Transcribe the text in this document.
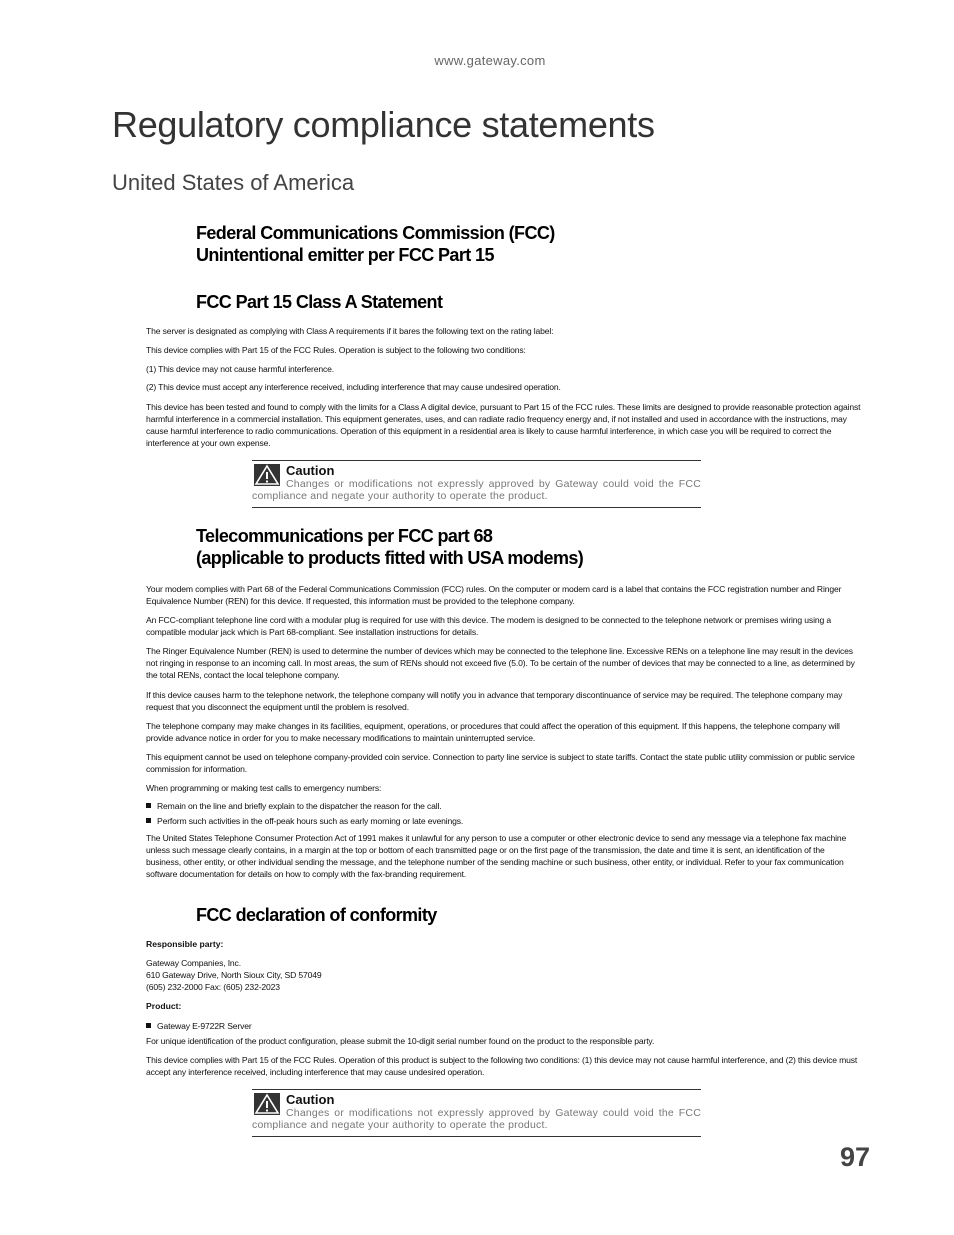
www.gateway.com
Regulatory compliance statements
United States of America
Federal Communications Commission (FCC)
Unintentional emitter per FCC Part 15
FCC Part 15 Class A Statement

The server is designated as complying with Class A requirements if it bares the following text on the rating label:

This device complies with Part 15 of the FCC Rules. Operation is subject to the following two conditions:

(1) This device may not cause harmful interference.

(2) This device must accept any interference received, including interference that may cause undesired operation.

This device has been tested and found to comply with the limits for a Class A digital device, pursuant to Part 15 of the FCC rules. These limits are designed to provide reasonable protection against harmful interference in a commercial installation. This equipment generates, uses, and can radiate radio frequency energy and, if not installed and used in accordance with the instructions, may cause harmful interference to radio communications. Operation of this equipment in a residential area is likely to cause harmful interference, in which case you will be required to correct the interference at your own expense.

Caution
Changes or modifications not expressly approved by Gateway could void the FCC compliance and negate your authority to operate the product.
Telecommunications per FCC part 68
(applicable to products fitted with USA modems)

Your modem complies with Part 68 of the Federal Communications Commission (FCC) rules. On the computer or modem card is a label that contains the FCC registration number and Ringer Equivalence Number (REN) for this device. If requested, this information must be provided to the telephone company.

An FCC-compliant telephone line cord with a modular plug is required for use with this device. The modem is designed to be connected to the telephone network or premises wiring using a compatible modular jack which is Part 68-compliant. See installation instructions for details.

The Ringer Equivalence Number (REN) is used to determine the number of devices which may be connected to the telephone line. Excessive RENs on a telephone line may result in the devices not ringing in response to an incoming call. In most areas, the sum of RENs should not exceed five (5.0). To be certain of the number of devices that may be connected to a line, as determined by the total RENs, contact the local telephone company.

If this device causes harm to the telephone network, the telephone company will notify you in advance that temporary discontinuance of service may be required. The telephone company may request that you disconnect the equipment until the problem is resolved.

The telephone company may make changes in its facilities, equipment, operations, or procedures that could affect the operation of this equipment. If this happens, the telephone company will provide advance notice in order for you to make necessary modifications to maintain uninterrupted service.

This equipment cannot be used on telephone company-provided coin service. Connection to party line service is subject to state tariffs. Contact the state public utility commission or public service commission for information.

When programming or making test calls to emergency numbers:

Remain on the line and briefly explain to the dispatcher the reason for the call.
Perform such activities in the off-peak hours such as early morning or late evenings.

The United States Telephone Consumer Protection Act of 1991 makes it unlawful for any person to use a computer or other electronic device to send any message via a telephone fax machine unless such message clearly contains, in a margin at the top or bottom of each transmitted page or on the first page of the transmission, the date and time it is sent, an identification of the business, other entity, or other individual sending the message, and the telephone number of the sending machine or such business, other entity, or individual. Refer to your fax communication software documentation for details on how to comply with the fax-branding requirement.

FCC declaration of conformity
Responsible party:
Gateway Companies, Inc.
610 Gateway Drive, North Sioux City, SD 57049
(605) 232-2000 Fax: (605) 232-2023
Product:
Gateway E-9722R Server

For unique identification of the product configuration, please submit the 10-digit serial number found on the product to the responsible party.

This device complies with Part 15 of the FCC Rules. Operation of this product is subject to the following two conditions: (1) this device may not cause harmful interference, and (2) this device must accept any interference received, including interference that may cause undesired operation.

Caution
Changes or modifications not expressly approved by Gateway could void the FCC compliance and negate your authority to operate the product.
97
